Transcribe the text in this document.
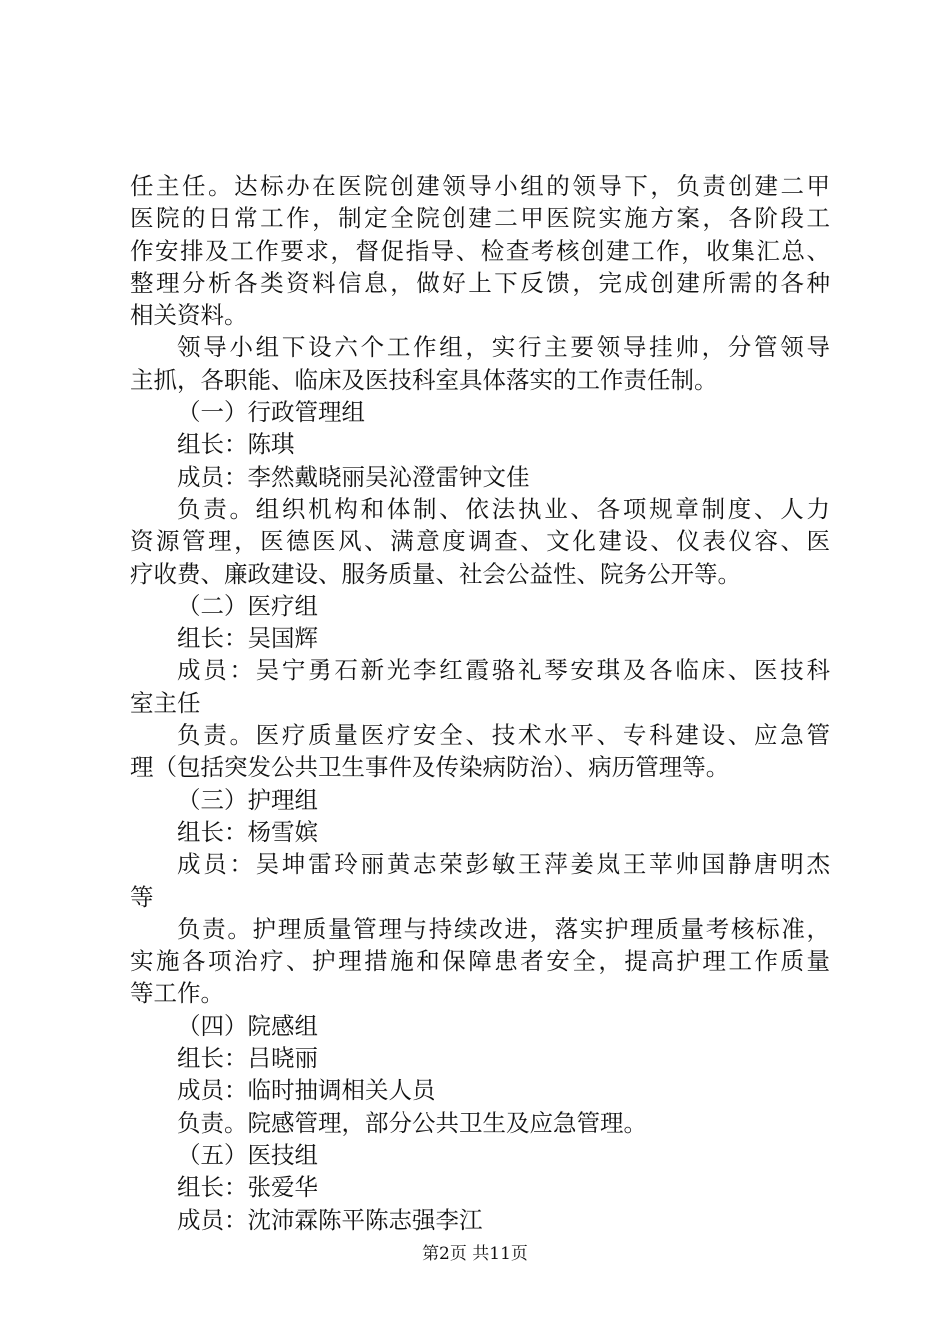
任主任。达标办在医院创建领导小组的领导下，负责创建二甲
医院的日常工作，制定全院创建二甲医院实施方案，各阶段工
作安排及工作要求，督促指导、检查考核创建工作，收集汇总、
整理分析各类资料信息，做好上下反馈，完成创建所需的各种
相关资料。
领导小组下设六个工作组，实行主要领导挂帅，分管领导
主抓，各职能、临床及医技科室具体落实的工作责任制。
（一）行政管理组
组长：陈琪
成员：李然戴晓丽吴沁澄雷钟文佳
负责。组织机构和体制、依法执业、各项规章制度、人力
资源管理，医德医风、满意度调查、文化建设、仪表仪容、医
疗收费、廉政建设、服务质量、社会公益性、院务公开等。
（二）医疗组
组长：吴国辉
成员：吴宁勇石新光李红霞骆礼琴安琪及各临床、医技科
室主任
负责。医疗质量医疗安全、技术水平、专科建设、应急管
理（包括突发公共卫生事件及传染病防治）、病历管理等。
（三）护理组
组长：杨雪嫔
成员：吴坤雷玲丽黄志荣彭敏王萍姜岚王苹帅国静唐明杰
等
负责。护理质量管理与持续改进，落实护理质量考核标准，
实施各项治疗、护理措施和保障患者安全，提高护理工作质量
等工作。
（四）院感组
组长：吕晓丽
成员：临时抽调相关人员
负责。院感管理，部分公共卫生及应急管理。
（五）医技组
组长：张爱华
成员：沈沛霖陈平陈志强李江
第2页 共11页
